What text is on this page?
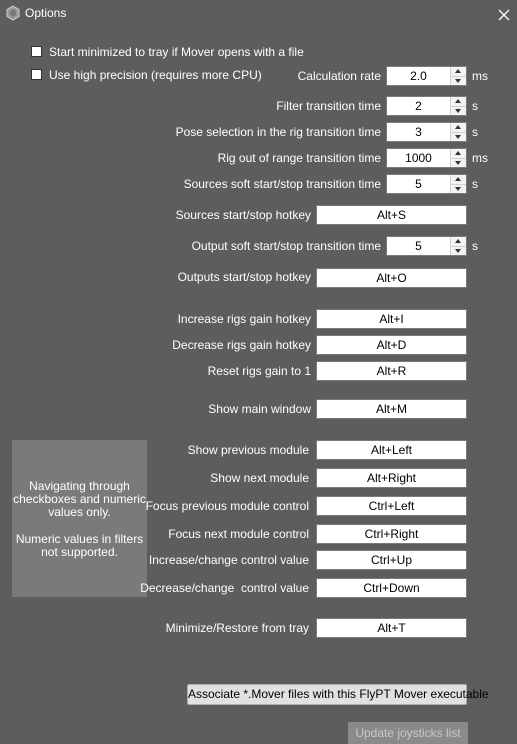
Options
Start minimized to tray if Mover opens with a file
Use high precision (requires more CPU)	Calculation rate	2.0	ms
Filter transition time	2	s
Pose selection in the rig transition time	3	s
Rig out of range transition time	1000	ms
Sources soft start/stop transition time	5	s
Sources start/stop hotkey	Alt+S
Output soft start/stop transition time	5	s
Outputs start/stop hotkey	Alt+O
Increase rigs gain hotkey	Alt+I
Decrease rigs gain hotkey	Alt+D
Reset rigs gain to 1	Alt+R
Show main window	Alt+M

Navigating through checkboxes and numeric values only.

Numeric values in filters not supported.

Show previous module	Alt+Left
Show next module	Alt+Right
Focus previous module control	Ctrl+Left
Focus next module control	Ctrl+Right
Increase/change control value	Ctrl+Up
Decrease/change  control value	Ctrl+Down
Minimize/Restore from tray	Alt+T
Associate *.Mover files with this FlyPT Mover executable
Update joysticks list
